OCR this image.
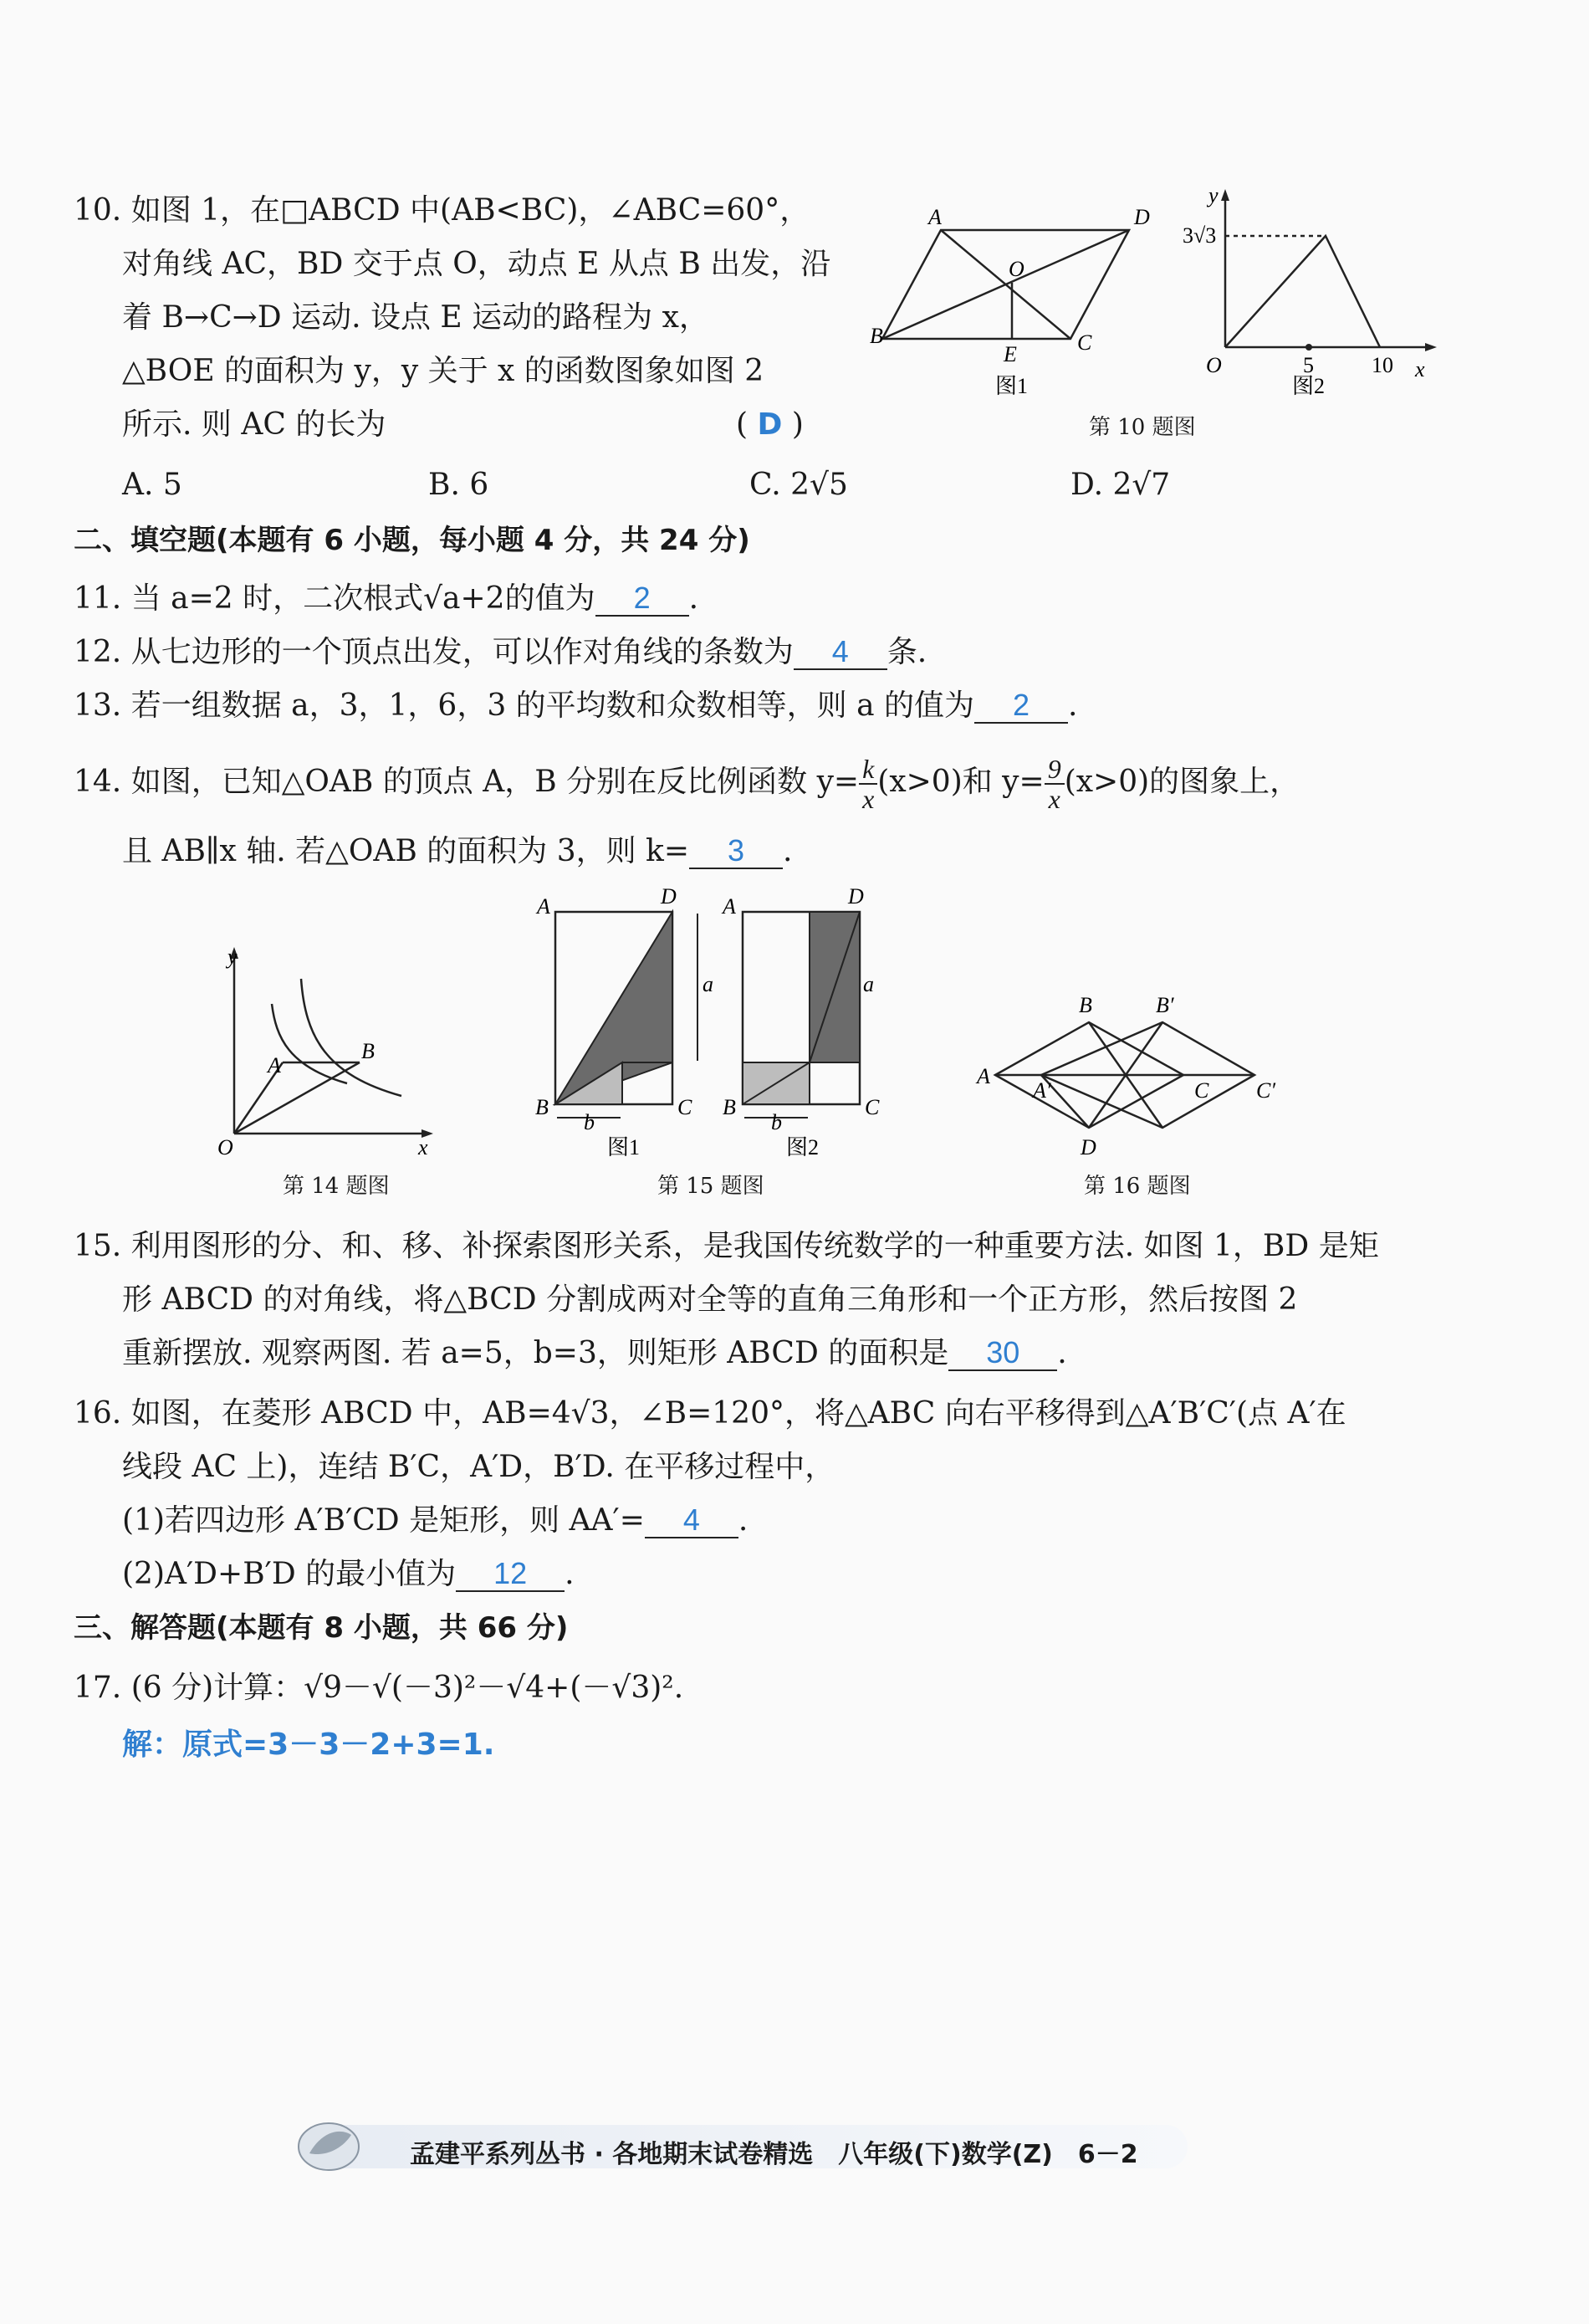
10. 如图 1，在□ABCD 中(AB<BC)，∠ABC=60°，
对角线 AC，BD 交于点 O，动点 E 从点 B 出发，沿
着 B→C→D 运动. 设点 E 运动的路程为 x，
△BOE 的面积为 y，y 关于 x 的函数图象如图 2
所示. 则 AC 的长为	( D )
A. 5	B. 6	C. 2√5	D. 2√7
A	D
B	C
O
E
图1
y
x
O
3√3
5	10
图2
第 10 题图
二、填空题(本题有 6 小题，每小题 4 分，共 24 分)
11. 当 a=2 时，二次根式√a+2的值为 2 .
12. 从七边形的一个顶点出发，可以作对角线的条数为 4 条.
13. 若一组数据 a，3，1，6，3 的平均数和众数相等，则 a 的值为 2 .
14. 如图，已知△OAB 的顶点 A，B 分别在反比例函数 $y= \frac{k}{x} (x>0)$和 $y= \frac{9}{x} (x>0)$的图象上，
且 AB∥x 轴. 若△OAB 的面积为 3，则 k= 3 .
y
O	x
A
B
A	D
B	C
a
b
图1
A	D
B	C
a
b
图2
A
B	B′
A′	C C′
D
第 14 题图	第 15 题图	第 16 题图
15. 利用图形的分、和、移、补探索图形关系，是我国传统数学的一种重要方法. 如图 1，BD 是矩
形 ABCD 的对角线，将△BCD 分割成两对全等的直角三角形和一个正方形，然后按图 2
重新摆放. 观察两图. 若 a=5，b=3，则矩形 ABCD 的面积是 30 .
16. 如图，在菱形 ABCD 中，AB=4√3，∠B=120°，将△ABC 向右平移得到△A′B′C′(点 A′在
线段 AC 上)，连结 B′C，A′D，B′D. 在平移过程中，
(1)若四边形 A′B′CD 是矩形，则 AA′= 4 .
(2)A′D+B′D 的最小值为 12 .
三、解答题(本题有 8 小题，共 66 分)
17. (6 分)计算：√9－√(－3)²－√4+(－√3)².
解：原式=3－3－2+3=1.
孟建平系列丛书 · 各地期末试卷精选　八年级(下)数学(Z)　6－2
